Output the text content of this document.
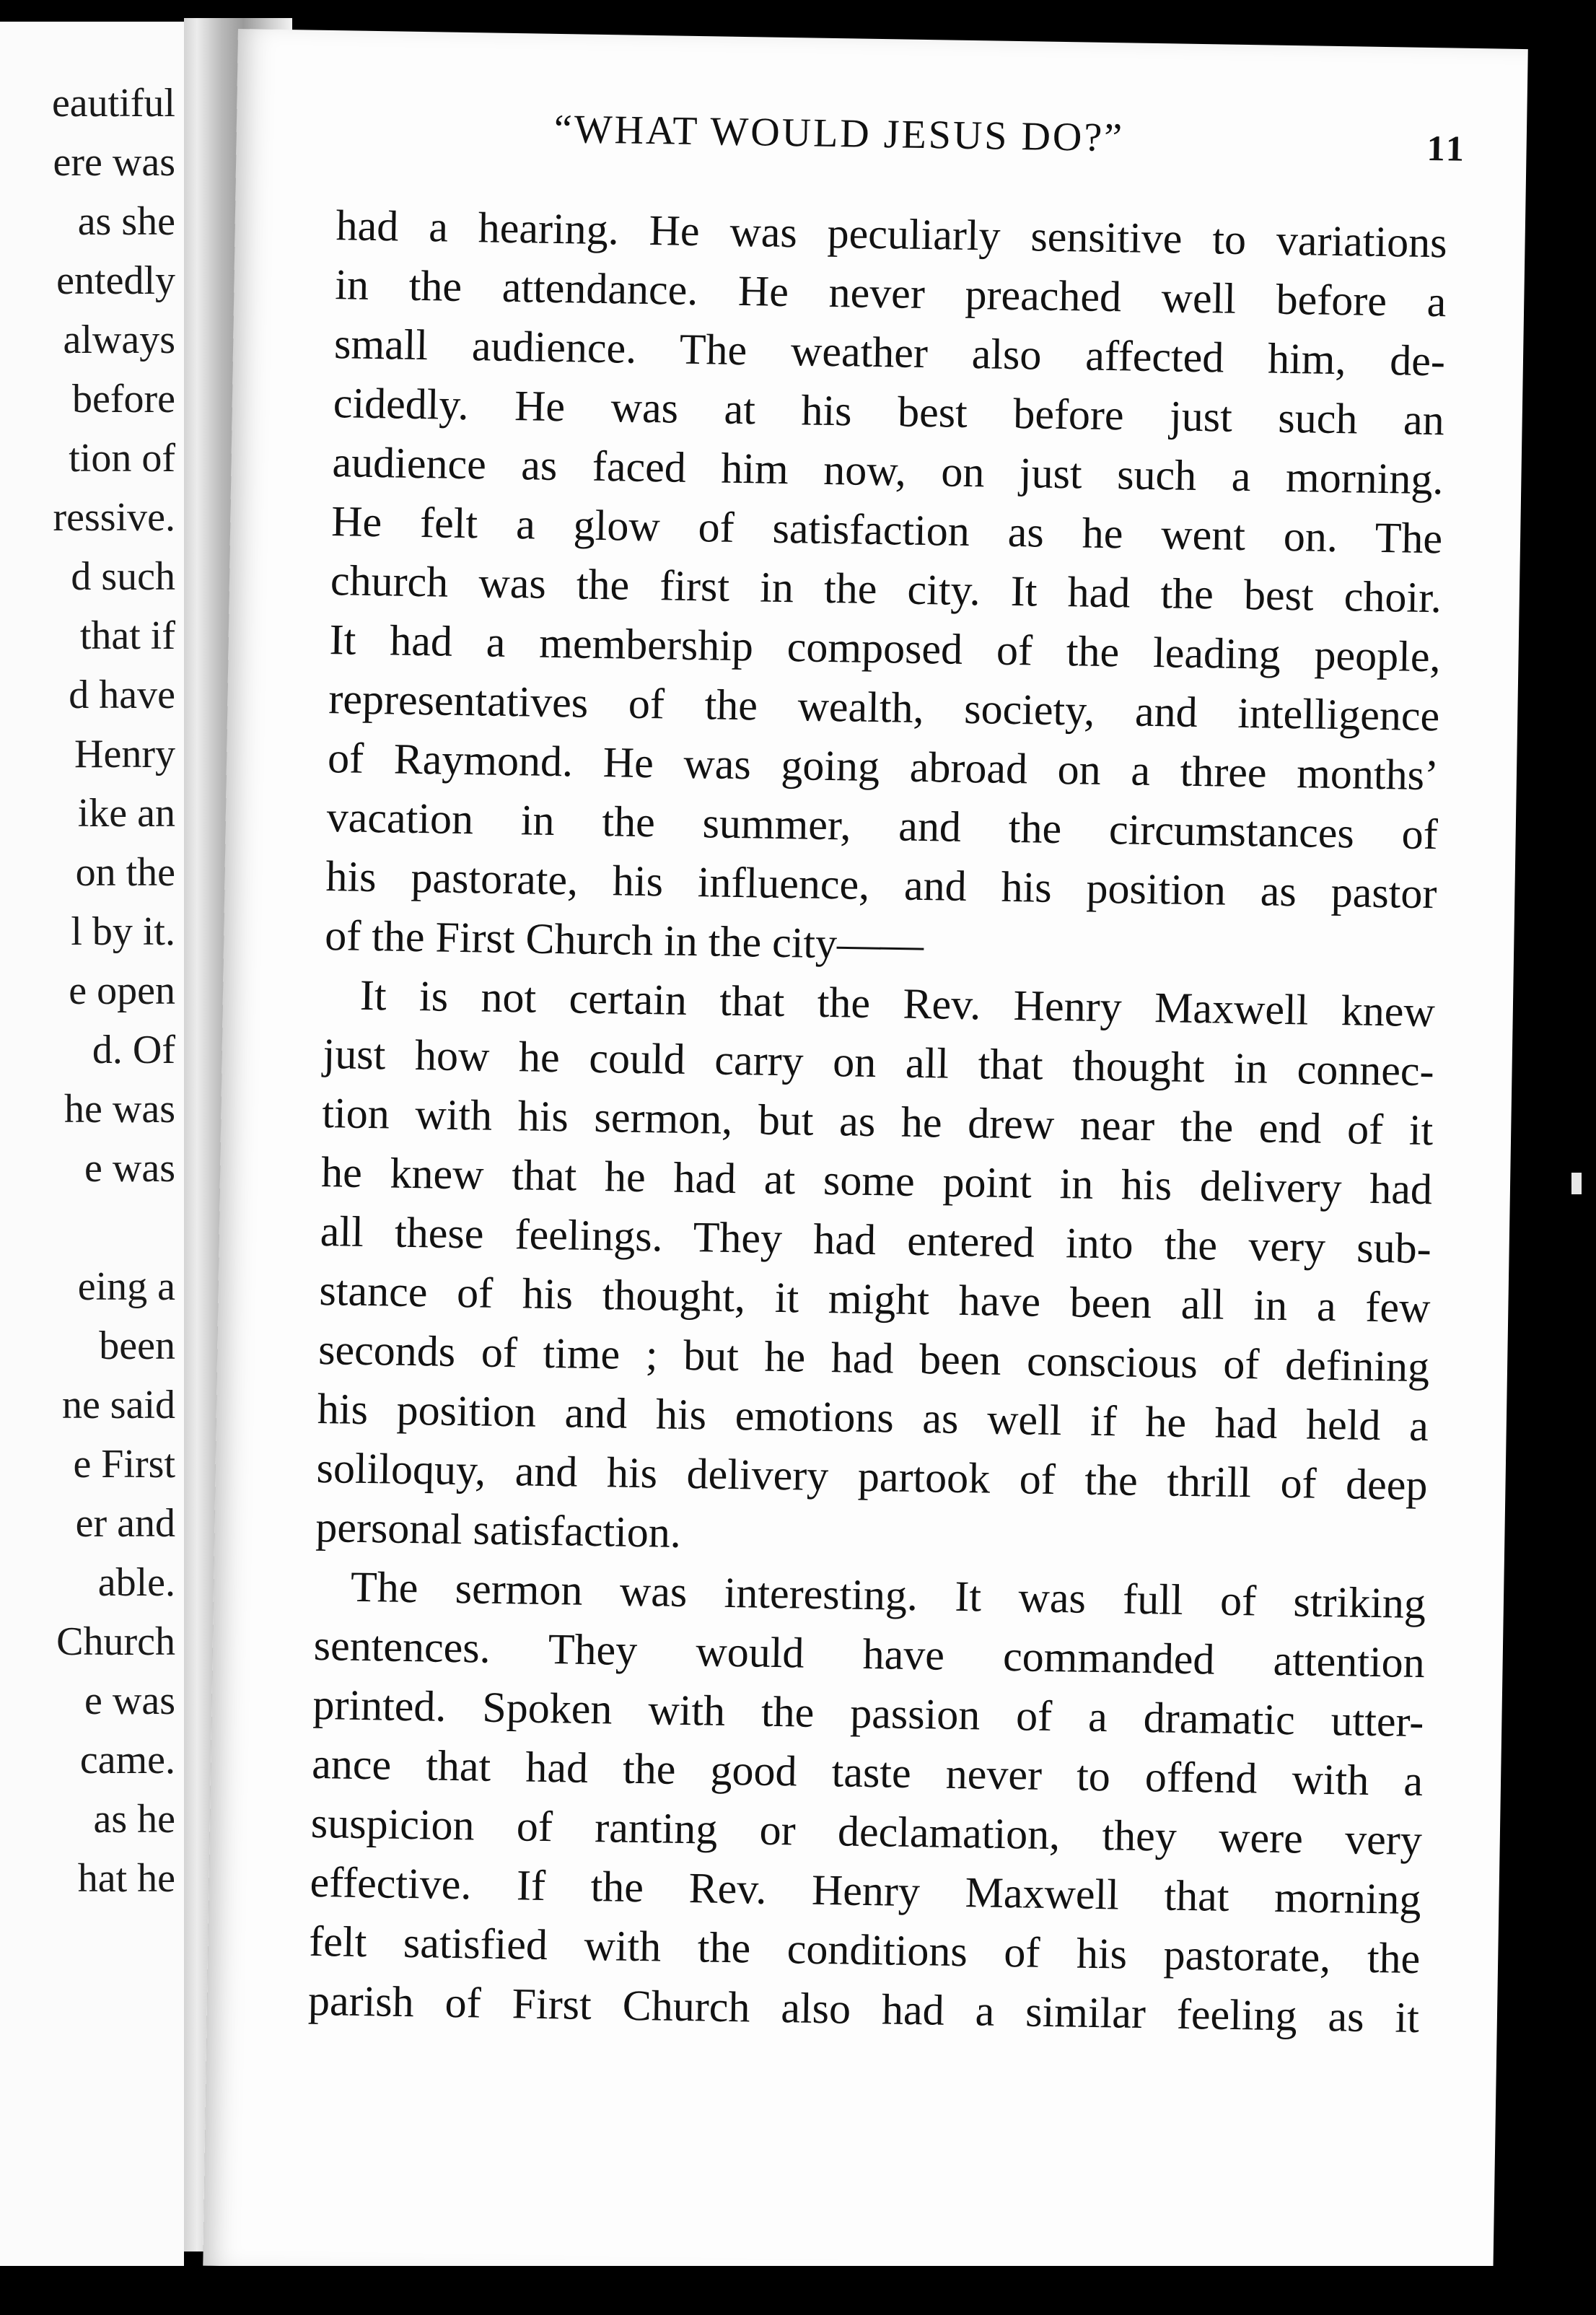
eautiful
ere was
as she
entedly
always
before
tion of
ressive.
d such
that if
d have
Henry
ike an
on the
l by it.
e open
d. Of
he was
e was
eing a
been
ne said
e First
er and
able.
Church
e was
came.
as he
hat he
“WHAT WOULD JESUS DO?”	11
had a hearing. He was peculiarly sensitive to variations
in the attendance. He never preached well before a
small audience. The weather also affected him, de-
cidedly. He was at his best before just such an
audience as faced him now, on just such a morning.
He felt a glow of satisfaction as he went on. The
church was the first in the city. It had the best choir.
It had a membership composed of the leading people,
representatives of the wealth, society, and intelligence
of Raymond. He was going abroad on a three months’
vacation in the summer, and the circumstances of
his pastorate, his influence, and his position as pastor
of the First Church in the city——
It is not certain that the Rev. Henry Maxwell knew
just how he could carry on all that thought in connec-
tion with his sermon, but as he drew near the end of it
he knew that he had at some point in his delivery had
all these feelings. They had entered into the very sub-
stance of his thought, it might have been all in a few
seconds of time ; but he had been conscious of defining
his position and his emotions as well if he had held a
soliloquy, and his delivery partook of the thrill of deep
personal satisfaction.
The sermon was interesting. It was full of striking
sentences. They would have commanded attention
printed. Spoken with the passion of a dramatic utter-
ance that had the good taste never to offend with a
suspicion of ranting or declamation, they were very
effective. If the Rev. Henry Maxwell that morning
felt satisfied with the conditions of his pastorate, the
parish of First Church also had a similar feeling as it
